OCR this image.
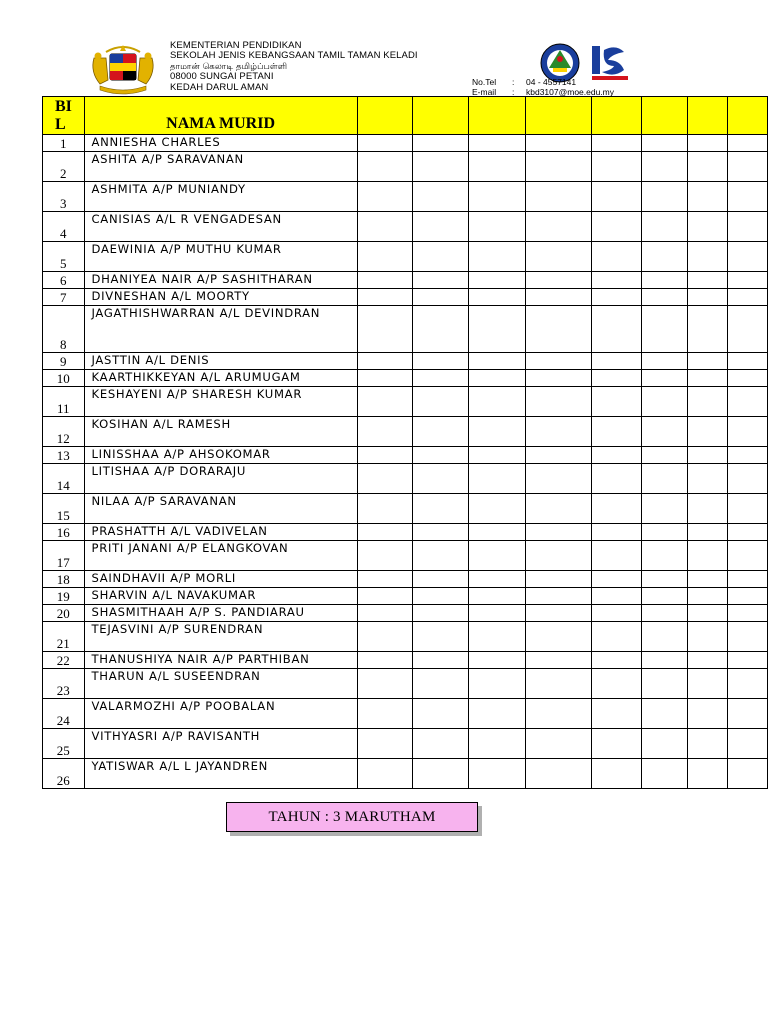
KEMENTERIAN PENDIDIKAN
SEKOLAH JENIS KEBANGSAAN TAMIL TAMAN KELADI
தாமான் கெலாடி தமிழ்ப்பள்ளி
08000 SUNGAI PETANI
KEDAH DARUL AMAN	No.Tel : 04 - 4557141
E-mail : kbd3107@moe.edu.my
BI
L	NAMA MURID								
1	ANNIESHA CHARLES								
2	ASHITA A/P SARAVANAN								
3	ASHMITA A/P MUNIANDY								
4	CANISIAS A/L R VENGADESAN								
5	DAEWINIA A/P MUTHU KUMAR								
6	DHANIYEA NAIR A/P SASHITHARAN								
7	DIVNESHAN A/L MOORTY								
8	JAGATHISHWARRAN A/L DEVINDRAN								
9	JASTTIN A/L DENIS								
10	KAARTHIKKEYAN A/L ARUMUGAM								
11	KESHAYENI A/P SHARESH KUMAR								
12	KOSIHAN A/L RAMESH								
13	LINISSHAA A/P AHSOKOMAR								
14	LITISHAA A/P DORARAJU								
15	NILAA A/P SARAVANAN								
16	PRASHATTH A/L VADIVELAN								
17	PRITI JANANI A/P ELANGKOVAN								
18	SAINDHAVII A/P MORLI								
19	SHARVIN A/L NAVAKUMAR								
20	SHASMITHAAH A/P S. PANDIARAU								
21	TEJASVINI A/P SURENDRAN								
22	THANUSHIYA NAIR A/P PARTHIBAN								
23	THARUN A/L SUSEENDRAN								
24	VALARMOZHI A/P POOBALAN								
25	VITHYASRI A/P RAVISANTH								
26	YATISWAR A/L L JAYANDREN								
TAHUN : 3 MARUTHAM
